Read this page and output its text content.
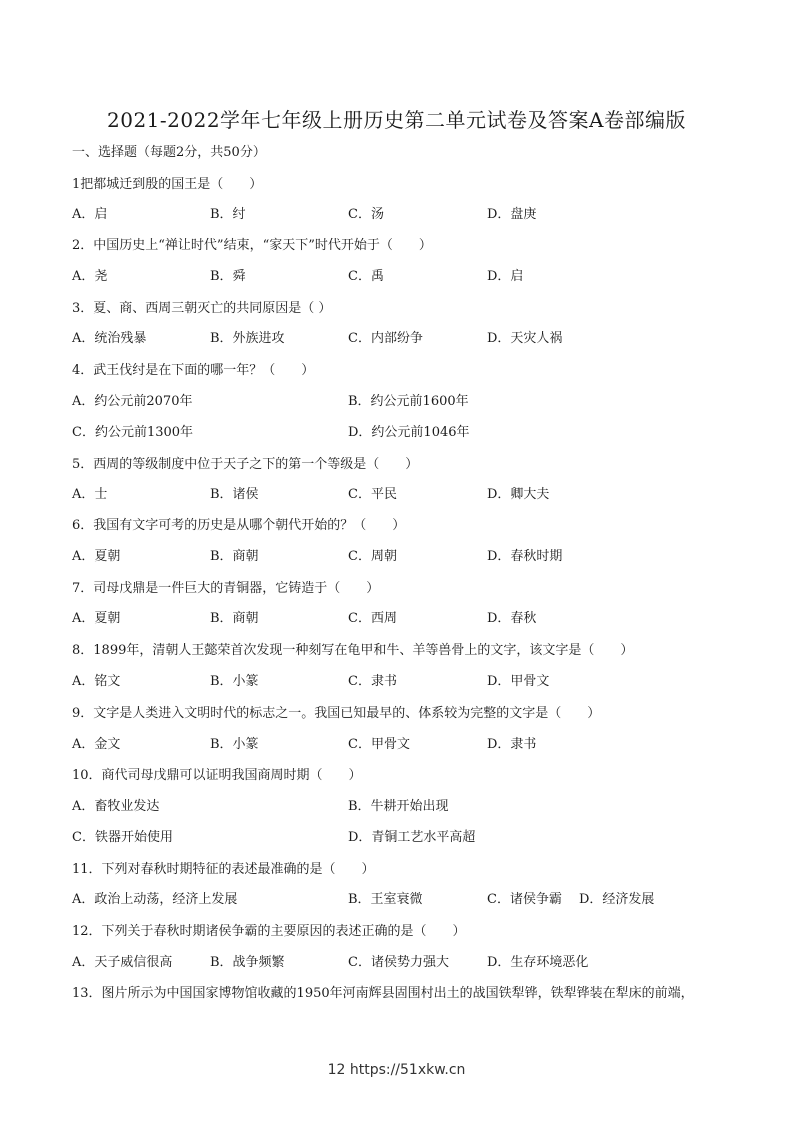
2021-2022学年七年级上册历史第二单元试卷及答案A卷部编版
一、选择题（每题2分，共50分）
1把都城迁到殷的国王是（　　）
A．启	B．纣	C．汤	D．盘庚
2．中国历史上“禅让时代”结束，“家天下”时代开始于（　　）
A．尧	B．舜	C．禹	D．启
3．夏、商、西周三朝灭亡的共同原因是（ ）
A．统治残暴	B．外族进攻	C．内部纷争	D．天灾人祸
4．武王伐纣是在下面的哪一年？（　　）
A．约公元前2070年	B．约公元前1600年
C．约公元前1300年	D．约公元前1046年
5．西周的等级制度中位于天子之下的第一个等级是（　　）
A．士	B．诸侯	C．平民	D．卿大夫
6．我国有文字可考的历史是从哪个朝代开始的？（　　）
A．夏朝	B．商朝	C．周朝	D．春秋时期
7．司母戊鼎是一件巨大的青铜器，它铸造于（　　）
A．夏朝	B．商朝	C．西周	D．春秋
8．1899年，清朝人王懿荣首次发现一种刻写在龟甲和牛、羊等兽骨上的文字，该文字是（　　）
A．铭文	B．小篆	C．隶书	D．甲骨文
9．文字是人类进入文明时代的标志之一。我国已知最早的、体系较为完整的文字是（　　）
A．金文	B．小篆	C．甲骨文	D．隶书
10．商代司母戊鼎可以证明我国商周时期（　　）
A．畜牧业发达	B．牛耕开始出现
C．铁器开始使用	D．青铜工艺水平高超
11．下列对春秋时期特征的表述最准确的是（　　）
A．政治上动荡，经济上发展	B．王室衰微	C．诸侯争霸 D．经济发展
12．下列关于春秋时期诸侯争霸的主要原因的表述正确的是（　　）
A．天子威信很高	B．战争频繁	C．诸侯势力强大	D．生存环境恶化
13．图片所示为中国国家博物馆收藏的1950年河南辉县固围村出土的战国铁犁铧，铁犁铧装在犁床的前端，
12 https://51xkw.cn
